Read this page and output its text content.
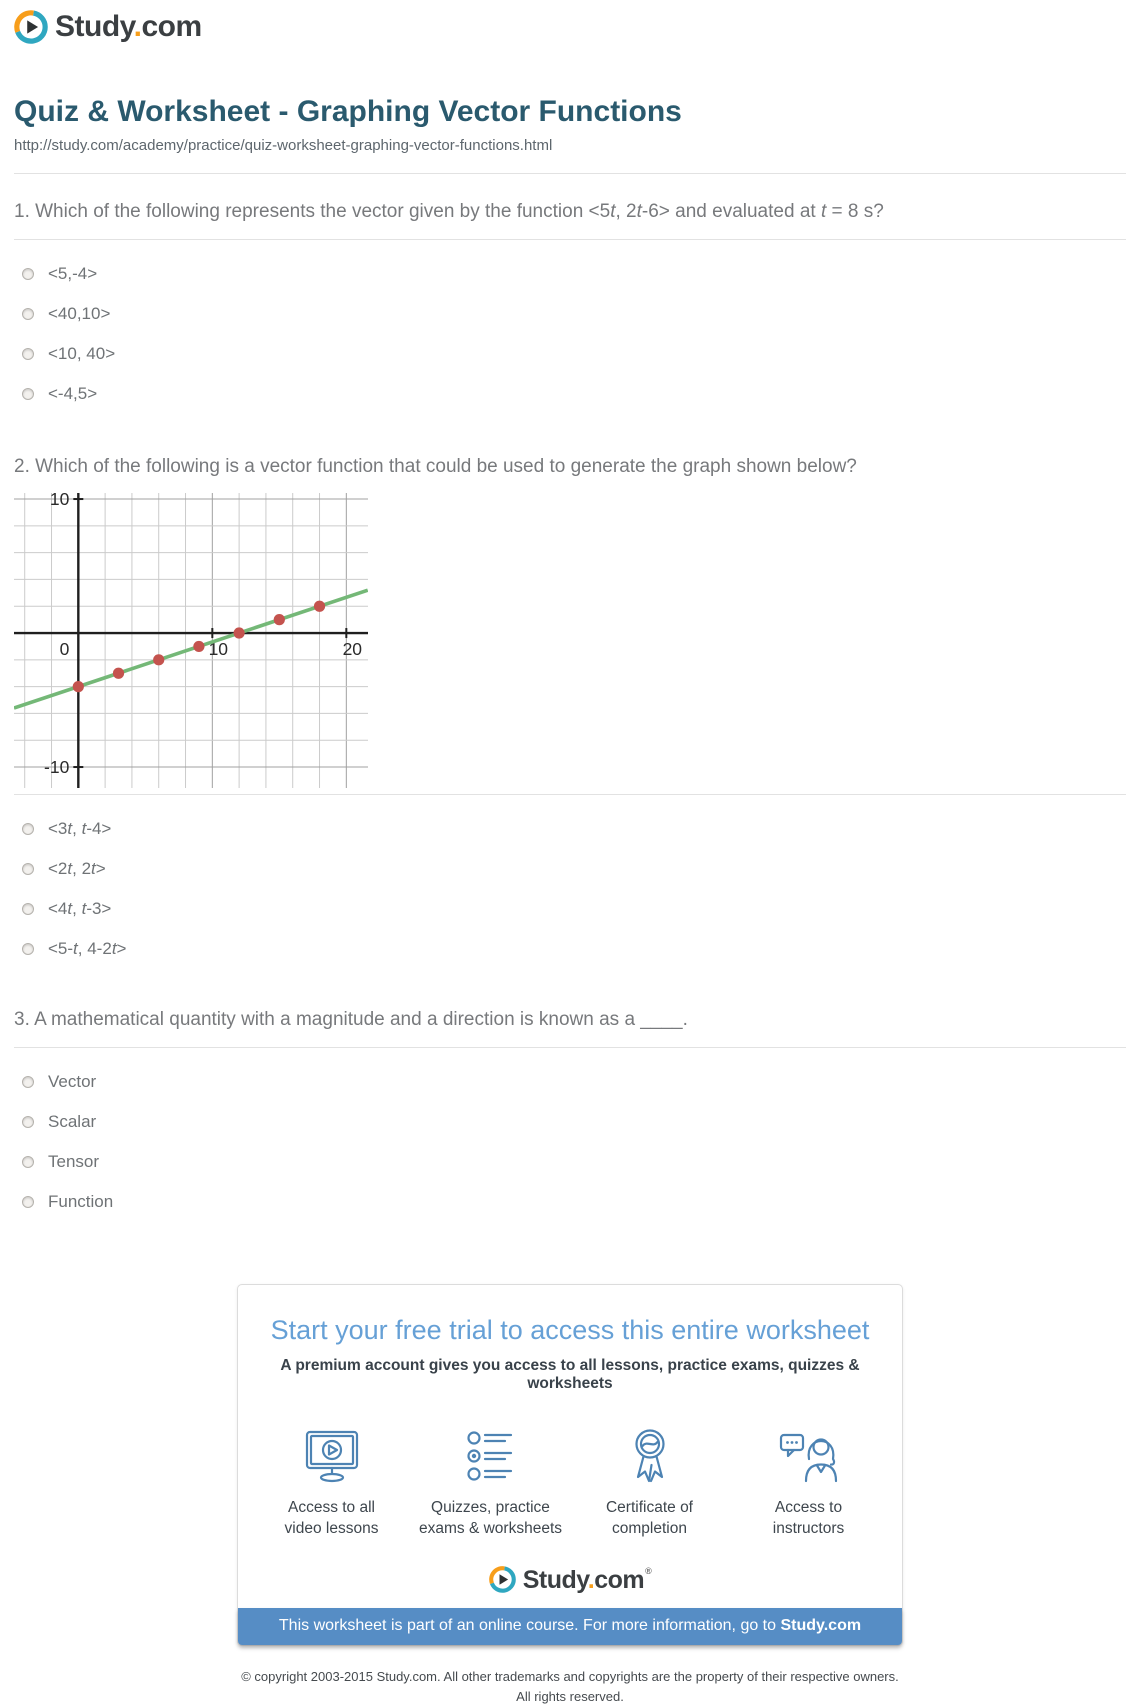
Study.com
Quiz & Worksheet - Graphing Vector Functions
http://study.com/academy/practice/quiz-worksheet-graphing-vector-functions.html
1. Which of the following represents the vector given by the function <5t, 2t-6> and evaluated at t = 8 s?
<5,-4>
<40,10>
<10, 40>
<-4,5>
2. Which of the following is a vector function that could be used to generate the graph shown below?
0	10	20
10
-10
<3t, t-4>
<2t, 2t>
<4t, t-3>
<5-t, 4-2t>
3. A mathematical quantity with a magnitude and a direction is known as a ____.
Vector
Scalar
Tensor
Function
Start your free trial to access this entire worksheet
A premium account gives you access to all lessons, practice exams, quizzes & worksheets
Access to all
video lessons
Quizzes, practice
exams & worksheets
Certificate of
completion
Access to
instructors
Study.com®
This worksheet is part of an online course. For more information, go to Study.com
© copyright 2003-2015 Study.com. All other trademarks and copyrights are the property of their respective owners.
All rights reserved.
